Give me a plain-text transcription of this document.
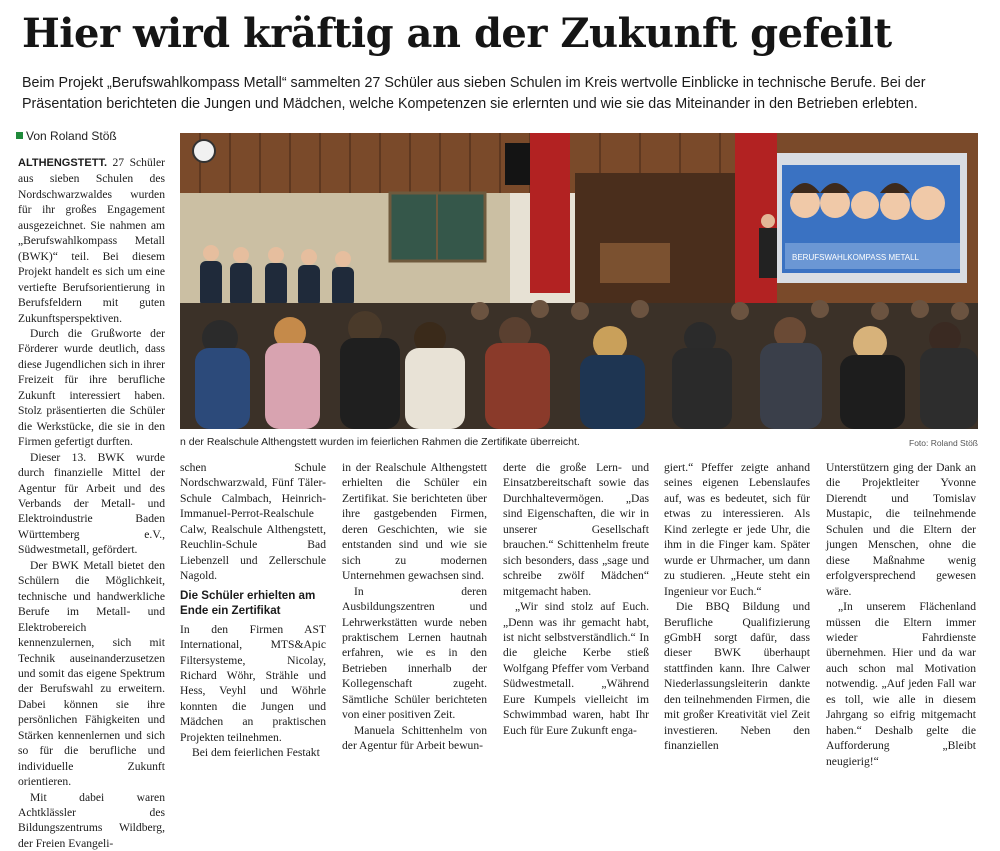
Hier wird kräftig an der Zukunft gefeilt

Beim Projekt „Berufswahlkompass Metall“ sammelten 27 Schüler aus sieben Schulen im Kreis wertvolle Einblicke in technische Berufe. Bei der Präsentation berichteten die Jungen und Mädchen, welche Kompetenzen sie erlernten und wie sie das Miteinander in den Betrieben erlebten.

Von Roland Stöß

ALTHENGSTETT. 27 Schüler aus sieben Schulen des Nordschwarzwaldes wurden für ihr großes Engagement ausgezeichnet. Sie nahmen am „Berufswahlkompass Metall (BWK)“ teil. Bei diesem Projekt handelt es sich um eine vertiefte Berufsorientierung in Berufsfeldern mit guten Zukunftsperspektiven.

Durch die Grußworte der Förderer wurde deutlich, dass diese Jugendlichen sich in ihrer Freizeit für ihre berufliche Zukunft interessiert haben. Stolz präsentierten die Schüler die Werkstücke, die sie in den Firmen gefertigt durften.

Dieser 13. BWK wurde durch finanzielle Mittel der Agentur für Arbeit und des Verbands der Metall- und Elektroindustrie Baden Württemberg e.V., Südwestmetall, gefördert.

Der BWK Metall bietet den Schülern die Möglichkeit, technische und handwerkliche Berufe im Metall- und Elektrobereich kennenzulernen, sich mit Technik auseinanderzusetzen und somit das eigene Spektrum der Berufswahl zu erweitern. Dabei können sie ihre persönlichen Fähigkeiten und Stärken kennenlernen und sich so für die berufliche und individuelle Zukunft orientieren.

Mit dabei waren Achtklässler des Bildungszentrums Wildberg, der Freien Evangeli-

BERUFSWAHLKOMPASS METALL
n der Realschule Althengstett wurden im feierlichen Rahmen die Zertifikate überreicht.	Foto: Roland Stöß

schen Schule Nordschwarzwald, Fünf Täler-Schule Calmbach, Heinrich-Immanuel-Perrot-Realschule Calw, Realschule Althengstett, Reuchlin-Schule Bad Liebenzell und Zellerschule Nagold.

Die Schüler erhielten am Ende ein Zertifikat

In den Firmen AST International, MTS&Apic Filtersysteme, Nicolay, Richard Wöhr, Strähle und Hess, Veyhl und Wöhrle konnten die Jungen und Mädchen an praktischen Projekten teilnehmen.

Bei dem feierlichen Festakt

in der Realschule Althengstett erhielten die Schüler ein Zertifikat. Sie berichteten über ihre gastgebenden Firmen, deren Geschichten, wie sie entstanden sind und wie sie sich zu modernen Unternehmen gewachsen sind.

In deren Ausbildungszentren und Lehrwerkstätten wurde neben praktischem Lernen hautnah erfahren, wie es in den Betrieben innerhalb der Kollegenschaft zugeht. Sämtliche Schüler berichteten von einer positiven Zeit.

Manuela Schittenhelm von der Agentur für Arbeit bewun-

derte die große Lern- und Einsatzbereitschaft sowie das Durchhaltevermögen. „Das sind Eigenschaften, die wir in unserer Gesellschaft brauchen.“ Schittenhelm freute sich besonders, dass „sage und schreibe zwölf Mädchen“ mitgemacht haben.

„Wir sind stolz auf Euch. „Denn was ihr gemacht habt, ist nicht selbstverständlich.“ In die gleiche Kerbe stieß Wolfgang Pfeffer vom Verband Südwestmetall. „Während Eure Kumpels vielleicht im Schwimmbad waren, habt Ihr Euch für Eure Zukunft enga-

giert.“ Pfeffer zeigte anhand seines eigenen Lebenslaufes auf, was es bedeutet, sich für etwas zu interessieren. Als Kind zerlegte er jede Uhr, die ihm in die Finger kam. Später wurde er Uhrmacher, um dann zu studieren. „Heute steht ein Ingenieur vor Euch.“

Die BBQ Bildung und Berufliche Qualifizierung gGmbH sorgt dafür, dass dieser BWK überhaupt stattfinden kann. Ihre Calwer Niederlassungsleiterin dankte den teilnehmenden Firmen, die mit großer Kreativität viel Zeit investieren. Neben den finanziellen

Unterstützern ging der Dank an die Projektleiter Yvonne Dierendt und Tomislav Mustapic, die teilnehmende Schulen und die Eltern der jungen Menschen, ohne die diese Maßnahme wenig erfolgversprechend gewesen wäre.

„In unserem Flächenland müssen die Eltern immer wieder Fahrdienste übernehmen. Hier und da war auch schon mal Motivation notwendig. „Auf jeden Fall war es toll, wie alle in diesem Jahrgang so eifrig mitgemacht haben.“ Deshalb gelte die Aufforderung „Bleibt neugierig!“
